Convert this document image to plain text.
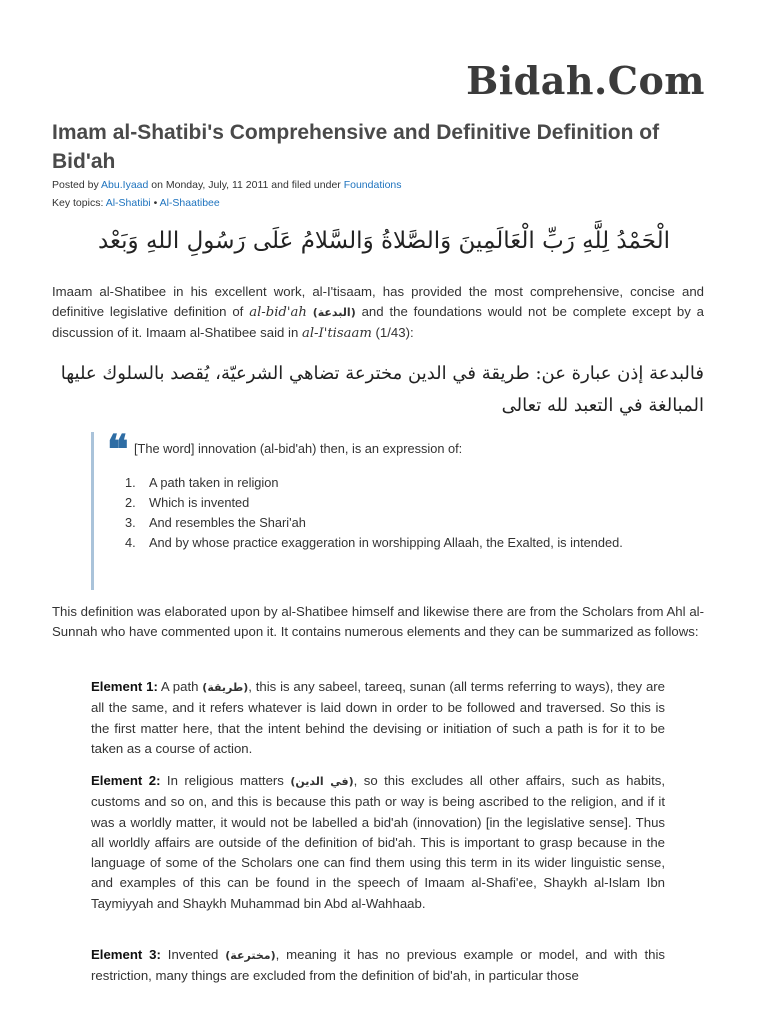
Bidah.Com
Imam al-Shatibi's Comprehensive and Definitive Definition of Bid'ah
Posted by Abu.Iyaad on Monday, July, 11 2011 and filed under Foundations
Key topics: Al-Shatibi • Al-Shaatibee
الْحَمْدُ لِلَّهِ رَبِّ الْعَالَمِينَ وَالصَّلاةُ وَالسَّلامُ عَلَى رَسُولِ اللهِ وَبَعْد

Imaam al-Shatibee in his excellent work, al-I'tisaam, has provided the most comprehensive, concise and definitive legislative definition of al-bid'ah (البدعة) and the foundations would not be complete except by a discussion of it. Imaam al-Shatibee said in al-I'tisaam (1/43):

فالبدعة إذن عبارة عن: طريقة في الدين مخترعة تضاهي الشرعيّة، يُقصد بالسلوك عليها المبالغة في التعبد لله تعالى
❝ [The word] innovation (al-bid'ah) then, is an expression of:
1.	A path taken in religion
2.	Which is invented
3.	And resembles the Shari'ah
4.	And by whose practice exaggeration in worshipping Allaah, the Exalted, is intended.

This definition was elaborated upon by al-Shatibee himself and likewise there are from the Scholars from Ahl al-Sunnah who have commented upon it. It contains numerous elements and they can be summarized as follows:

Element 1: A path (طريقة), this is any sabeel, tareeq, sunan (all terms referring to ways), they are all the same, and it refers whatever is laid down in order to be followed and traversed. So this is the first matter here, that the intent behind the devising or initiation of such a path is for it to be taken as a course of action.

Element 2: In religious matters (في الدين), so this excludes all other affairs, such as habits, customs and so on, and this is because this path or way is being ascribed to the religion, and if it was a worldly matter, it would not be labelled a bid'ah (innovation) [in the legislative sense]. Thus all worldly affairs are outside of the definition of bid'ah. This is important to grasp because in the language of some of the Scholars one can find them using this term in its wider linguistic sense, and examples of this can be found in the speech of Imaam al-Shafi'ee, Shaykh al-Islam Ibn Taymiyyah and Shaykh Muhammad bin Abd al-Wahhaab.

Element 3: Invented (مخترعة), meaning it has no previous example or model, and with this restriction, many things are excluded from the definition of bid'ah, in particular those
